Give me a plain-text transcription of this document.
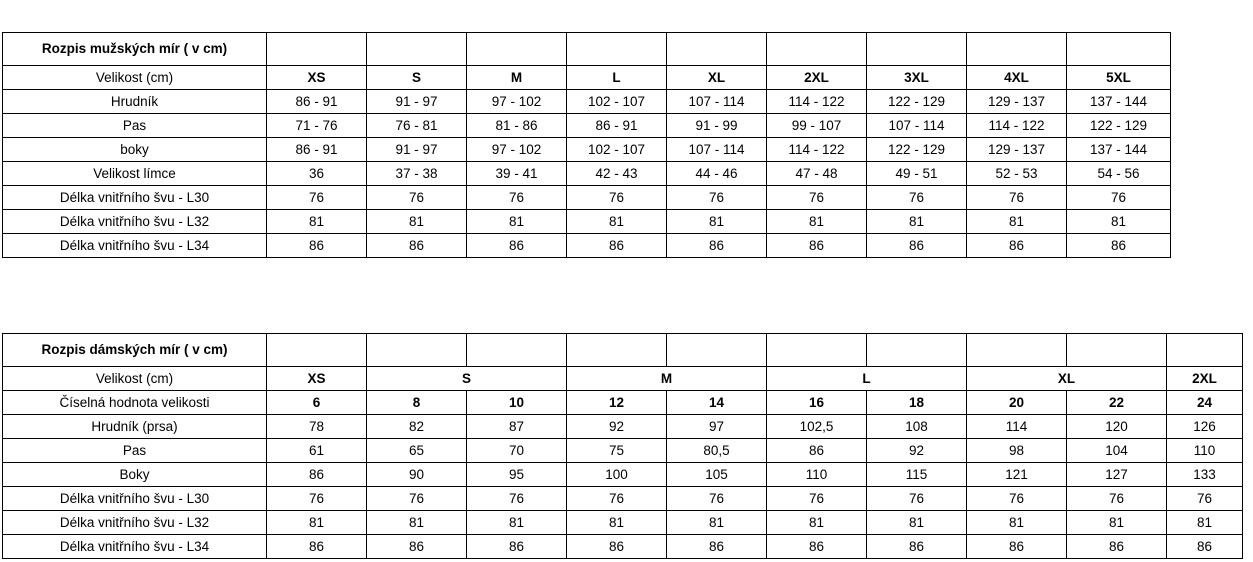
Rozpis mužských mír ( v cm)									
Velikost (cm)	XS	S	M	L	XL	2XL	3XL	4XL	5XL
Hrudník	86 - 91	91 - 97	97 - 102	102 - 107	107 - 114	114 - 122	122 - 129	129 - 137	137 - 144
Pas	71 - 76	76 - 81	81 - 86	86 - 91	91 - 99	99 - 107	107 - 114	114 - 122	122 - 129
boky	86 - 91	91 - 97	97 - 102	102 - 107	107 - 114	114 - 122	122 - 129	129 - 137	137 - 144
Velikost límce	36	37 - 38	39 - 41	42 - 43	44 - 46	47 - 48	49 - 51	52 - 53	54 - 56
Délka vnitřního švu - L30	76	76	76	76	76	76	76	76	76
Délka vnitřního švu - L32	81	81	81	81	81	81	81	81	81
Délka vnitřního švu - L34	86	86	86	86	86	86	86	86	86
Rozpis dámských mír ( v cm)										
Velikost (cm)	XS	S		M		L		XL		2XL
Číselná hodnota velikosti	6	8	10	12	14	16	18	20	22	24
Hrudník (prsa)	78	82	87	92	97	102,5	108	114	120	126
Pas	61	65	70	75	80,5	86	92	98	104	110
Boky	86	90	95	100	105	110	115	121	127	133
Délka vnitřního švu - L30	76	76	76	76	76	76	76	76	76	76
Délka vnitřního švu - L32	81	81	81	81	81	81	81	81	81	81
Délka vnitřního švu - L34	86	86	86	86	86	86	86	86	86	86
